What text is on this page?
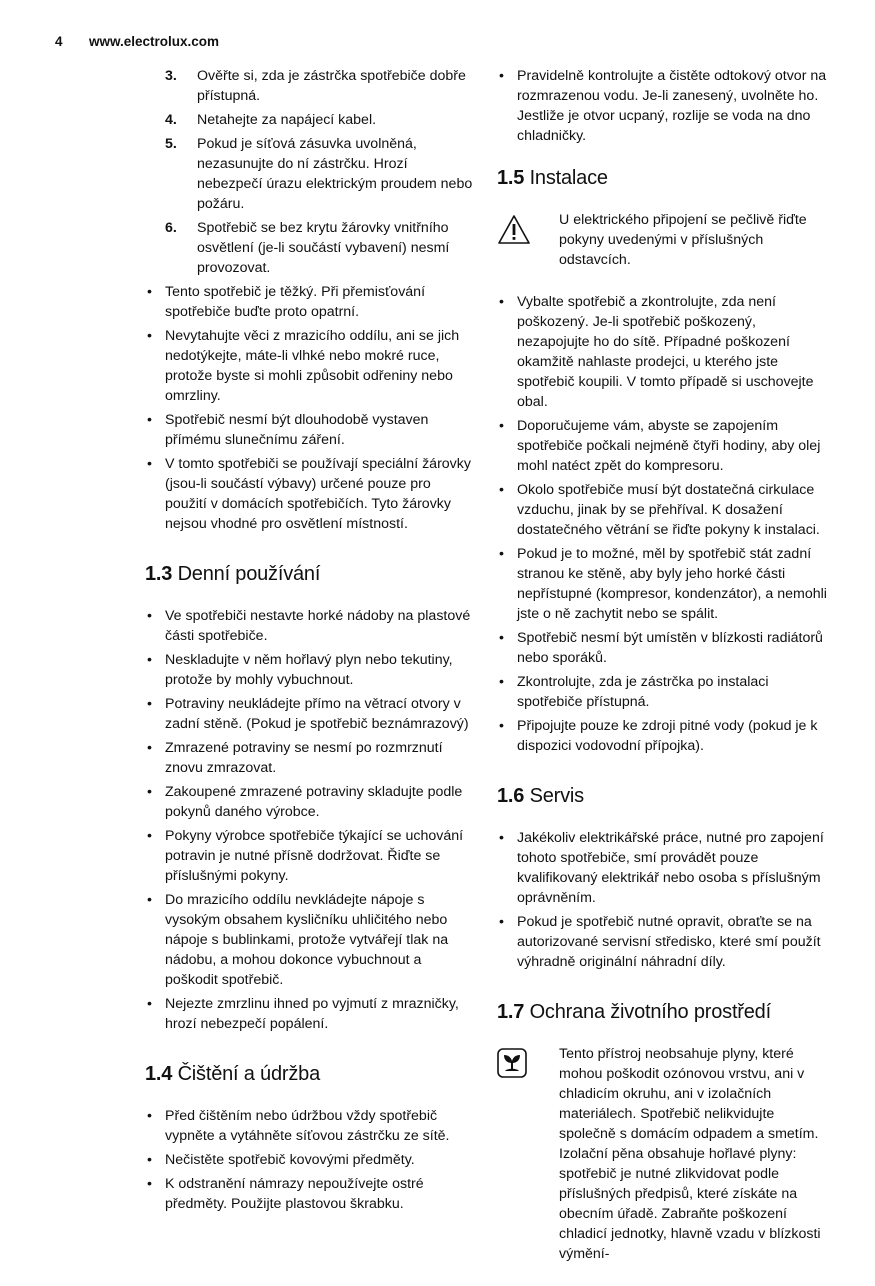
4 www.electrolux.com
3. Ověřte si, zda je zástrčka spotřebiče dobře přístupná.
4. Netahejte za napájecí kabel.
5. Pokud je síťová zásuvka uvolněná, nezasunujte do ní zástrčku. Hrozí nebezpečí úrazu elektrickým proudem nebo požáru.
6. Spotřebič se bez krytu žárovky vnitřního osvětlení (je-li součástí vybavení) nesmí provozovat.
• Tento spotřebič je těžký. Při přemisťování spotřebiče buďte proto opatrní.
• Nevytahujte věci z mrazicího oddílu, ani se jich nedotýkejte, máte-li vlhké nebo mokré ruce, protože byste si mohli způsobit odřeniny nebo omrzliny.
• Spotřebič nesmí být dlouhodobě vystaven přímému slunečnímu záření.
• V tomto spotřebiči se používají speciální žárovky (jsou-li součástí výbavy) určené pouze pro použití v domácích spotřebičích. Tyto žárovky nejsou vhodné pro osvětlení místností.
1.3 Denní používání
• Ve spotřebiči nestavte horké nádoby na plastové části spotřebiče.
• Neskladujte v něm hořlavý plyn nebo tekutiny, protože by mohly vybuchnout.
• Potraviny neukládejte přímo na větrací otvory v zadní stěně. (Pokud je spotřebič beznámrazový)
• Zmrazené potraviny se nesmí po rozmrznutí znovu zmrazovat.
• Zakoupené zmrazené potraviny skladujte podle pokynů daného výrobce.
• Pokyny výrobce spotřebiče týkající se uchování potravin je nutné přísně dodržovat. Řiďte se příslušnými pokyny.
• Do mrazicího oddílu nevkládejte nápoje s vysokým obsahem kysličníku uhličitého nebo nápoje s bublinkami, protože vytvářejí tlak na nádobu, a mohou dokonce vybuchnout a poškodit spotřebič.
• Nejezte zmrzlinu ihned po vyjmutí z mrazničky, hrozí nebezpečí popálení.
1.4 Čištění a údržba
• Před čištěním nebo údržbou vždy spotřebič vypněte a vytáhněte síťovou zástrčku ze sítě.
• Nečistěte spotřebič kovovými předměty.
• K odstranění námrazy nepoužívejte ostré předměty. Použijte plastovou škrabku.
• Pravidelně kontrolujte a čistěte odtokový otvor na rozmrazenou vodu. Je-li zanesený, uvolněte ho. Jestliže je otvor ucpaný, rozlije se voda na dno chladničky.
1.5 Instalace
U elektrického připojení se pečlivě řiďte pokyny uvedenými v příslušných odstavcích.
• Vybalte spotřebič a zkontrolujte, zda není poškozený. Je-li spotřebič poškozený, nezapojujte ho do sítě. Případné poškození okamžitě nahlaste prodejci, u kterého jste spotřebič koupili. V tomto případě si uschovejte obal.
• Doporučujeme vám, abyste se zapojením spotřebiče počkali nejméně čtyři hodiny, aby olej mohl natéct zpět do kompresoru.
• Okolo spotřebiče musí být dostatečná cirkulace vzduchu, jinak by se přehříval. K dosažení dostatečného větrání se řiďte pokyny k instalaci.
• Pokud je to možné, měl by spotřebič stát zadní stranou ke stěně, aby byly jeho horké části nepřístupné (kompresor, kondenzátor), a nemohli jste o ně zachytit nebo se spálit.
• Spotřebič nesmí být umístěn v blízkosti radiátorů nebo sporáků.
• Zkontrolujte, zda je zástrčka po instalaci spotřebiče přístupná.
• Připojujte pouze ke zdroji pitné vody (pokud je k dispozici vodovodní přípojka).
1.6 Servis
• Jakékoliv elektrikářské práce, nutné pro zapojení tohoto spotřebiče, smí provádět pouze kvalifikovaný elektrikář nebo osoba s příslušným oprávněním.
• Pokud je spotřebič nutné opravit, obraťte se na autorizované servisní středisko, které smí použít výhradně originální náhradní díly.
1.7 Ochrana životního prostředí
Tento přístroj neobsahuje plyny, které mohou poškodit ozónovou vrstvu, ani v chladicím okruhu, ani v izolačních materiálech. Spotřebič nelikvidujte společně s domácím odpadem a smetím. Izolační pěna obsahuje hořlavé plyny: spotřebič je nutné zlikvidovat podle příslušných předpisů, které získáte na obecním úřadě. Zabraňte poškození chladicí jednotky, hlavně vzadu v blízkosti výmění-
